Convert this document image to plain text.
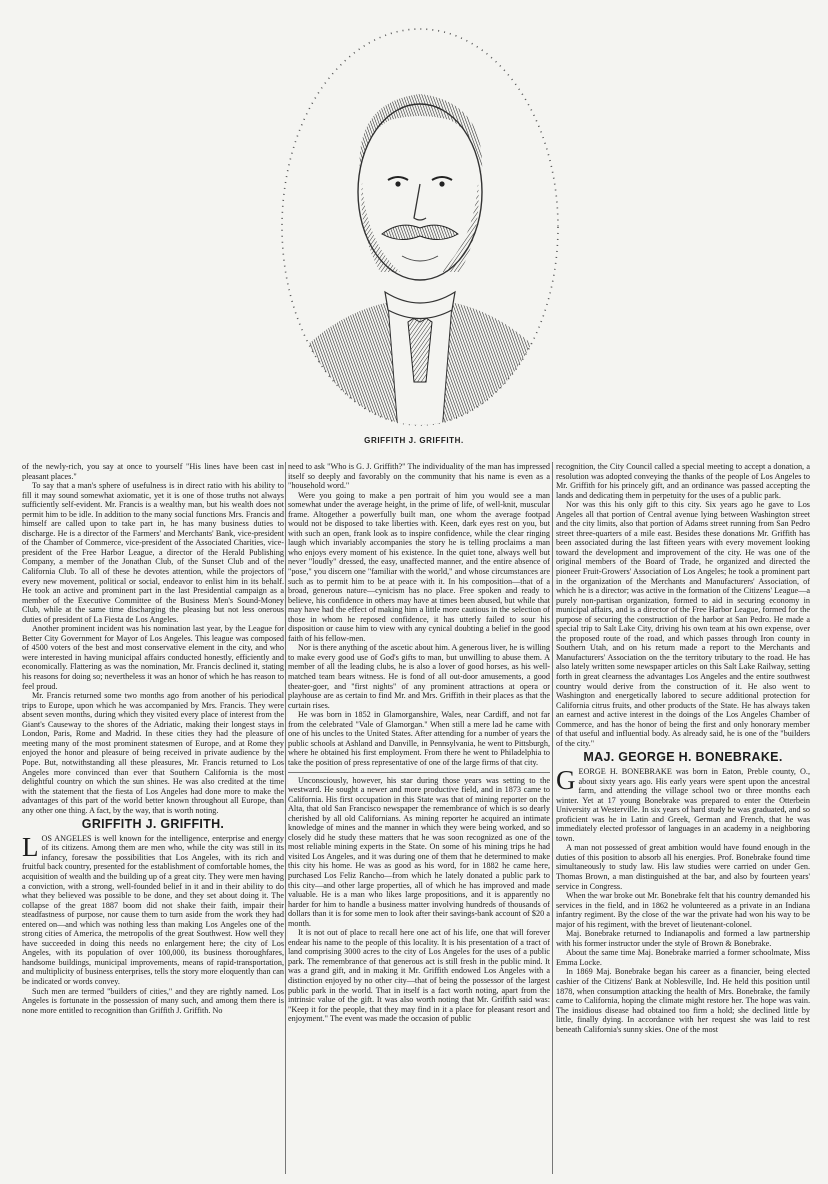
GRIFFITH J. GRIFFITH.

of the newly-rich, you say at once to yourself "His lines have been cast in pleasant places."

To say that a man's sphere of usefulness is in direct ratio with his ability to fill it may sound somewhat axiomatic, yet it is one of those truths not always sufficiently self-evident. Mr. Francis is a wealthy man, but his wealth does not permit him to be idle. In addition to the many social functions Mrs. Francis and himself are called upon to take part in, he has many business duties to discharge. He is a director of the Farmers' and Merchants' Bank, vice-president of the Chamber of Commerce, vice-president of the Associated Charities, vice-president of the Free Harbor League, a director of the Herald Publishing Company, a member of the Jonathan Club, of the Sunset Club and of the California Club. To all of these he devotes attention, while the projectors of every new movement, political or social, endeavor to enlist him in its behalf. He took an active and prominent part in the last Presidential campaign as a member of the Executive Committee of the Business Men's Sound-Money Club, while at the same time discharging the pleasing but not less onerous duties of president of La Fiesta de Los Angeles.

Another prominent incident was his nomination last year, by the League for Better City Government for Mayor of Los Angeles. This league was composed of 4500 voters of the best and most conservative element in the city, and who were interested in having municipal affairs conducted honestly, efficiently and economically. Flattering as was the nomination, Mr. Francis declined it, stating his reasons for doing so; nevertheless it was an honor of which he has reason to feel proud.

Mr. Francis returned some two months ago from another of his periodical trips to Europe, upon which he was accompanied by Mrs. Francis. They were absent seven months, during which they visited every place of interest from the Giant's Causeway to the shores of the Adriatic, making their longest stays in London, Paris, Rome and Madrid. In these cities they had the pleasure of meeting many of the most prominent statesmen of Europe, and at Rome they enjoyed the honor and pleasure of being received in private audience by the Pope. But, notwithstanding all these pleasures, Mr. Francis returned to Los Angeles more convinced than ever that Southern California is the most delightful country on which the sun shines. He was also credited at the time with the statement that the fiesta of Los Angeles had done more to make the advantages of this part of the world better known throughout all Europe, than any other one thing. A fact, by the way, that is worth noting.

GRIFFITH J. GRIFFITH.

LOS ANGELES is well known for the intelligence, enterprise and energy of its citizens. Among them are men who, while the city was still in its infancy, foresaw the possibilities that Los Angeles, with its rich and fruitful back country, presented for the establishment of comfortable homes, the acquisition of wealth and the building up of a great city. They were men having a conviction, with a strong, well-founded belief in it and in their ability to do what they believed was possible to be done, and they set about doing it. The collapse of the great 1887 boom did not shake their faith, impair their steadfastness of purpose, nor cause them to turn aside from the work they had entered on—and which was nothing less than making Los Angeles one of the strong cities of America, the metropolis of the great Southwest. How well they have succeeded in doing this needs no enlargement here; the city of Los Angeles, with its population of over 100,000, its business thoroughfares, handsome buildings, municipal improvements, means of rapid-transportation, and multiplicity of business enterprises, tells the story more eloquently than can be indicated or words convey.

Such men are termed "builders of cities," and they are rightly named. Los Angeles is fortunate in the possession of many such, and among them there is none more entitled to recognition than Griffith J. Griffith. No

need to ask "Who is G. J. Griffith?" The individuality of the man has impressed itself so deeply and favorably on the community that his name is even as a "household word."

Were you going to make a pen portrait of him you would see a man somewhat under the average height, in the prime of life, of well-knit, muscular frame. Altogether a powerfully built man, one whom the average footpad would not be disposed to take liberties with. Keen, dark eyes rest on you, but with such an open, frank look as to inspire confidence, while the clear ringing laugh which invariably accompanies the story he is telling proclaims a man who enjoys every moment of his existence. In the quiet tone, always well but never "loudly" dressed, the easy, unaffected manner, and the entire absence of "pose," you discern one "familiar with the world," and whose circumstances are such as to permit him to be at peace with it. In his composition—that of a broad, generous nature—cynicism has no place. Free spoken and ready to believe, his confidence in others may have at times been abused, but while that may have had the effect of making him a little more cautious in the selection of those in whom he reposed confidence, it has utterly failed to sour his disposition or cause him to view with any cynical doubting a belief in the good faith of his fellow-men.

Nor is there anything of the ascetic about him. A generous liver, he is willing to make every good use of God's gifts to man, but unwilling to abuse them. A member of all the leading clubs, he is also a lover of good horses, as his well-matched team bears witness. He is fond of all out-door amusements, a good theater-goer, and "first nights" of any prominent attractions at opera or playhouse are as certain to find Mr. and Mrs. Griffith in their places as that the curtain rises.

He was born in 1852 in Glamorganshire, Wales, near Cardiff, and not far from the celebrated "Vale of Glamorgan." When still a mere lad he came with one of his uncles to the United States. After attending for a number of years the public schools at Ashland and Danville, in Pennsylvania, he went to Pittsburgh, where he obtained his first employment. From there he went to Philadelphia to take the position of press representative of one of the large firms of that city.

Unconsciously, however, his star during those years was setting to the westward. He sought a newer and more productive field, and in 1873 came to California. His first occupation in this State was that of mining reporter on the Alta, that old San Francisco newspaper the remembrance of which is so dearly cherished by all old Californians. As mining reporter he acquired an intimate knowledge of mines and the manner in which they were being worked, and so closely did he study these matters that he was soon recognized as one of the most reliable mining experts in the State. On some of his mining trips he had visited Los Angeles, and it was during one of them that he determined to make this city his home. He was as good as his word, for in 1882 he came here, purchased Los Feliz Rancho—from which he lately donated a public park to this city—and other large properties, all of which he has improved and made valuable. He is a man who likes large propositions, and it is apparently no harder for him to handle a business matter involving hundreds of thousands of dollars than it is for some men to look after their savings-bank account of $20 a month.

It is not out of place to recall here one act of his life, one that will forever endear his name to the people of this locality. It is his presentation of a tract of land comprising 3000 acres to the city of Los Angeles for the uses of a public park. The remembrance of that generous act is still fresh in the public mind. It was a grand gift, and in making it Mr. Griffith endowed Los Angeles with a distinction enjoyed by no other city—that of being the possessor of the largest public park in the world. That in itself is a fact worth noting, apart from the intrinsic value of the gift. It was also worth noting that Mr. Griffith said was: "Keep it for the people, that they may find in it a place for pleasant resort and enjoyment." The event was made the occasion of public

recognition, the City Council called a special meeting to accept a donation, a resolution was adopted conveying the thanks of the people of Los Angeles to Mr. Griffith for his princely gift, and an ordinance was passed accepting the lands and dedicating them in perpetuity for the uses of a public park.

Nor was this his only gift to this city. Six years ago he gave to Los Angeles all that portion of Central avenue lying between Washington street and the city limits, also that portion of Adams street running from San Pedro street three-quarters of a mile east. Besides these donations Mr. Griffith has been associated during the last fifteen years with every movement looking toward the development and improvement of the city. He was one of the original members of the Board of Trade, he organized and directed the pioneer Fruit-Growers' Association of Los Angeles; he took a prominent part in the organization of the Merchants and Manufacturers' Association, of which he is a director; was active in the formation of the Citizens' League—a purely non-partisan organization, formed to aid in securing economy in municipal affairs, and is a director of the Free Harbor League, formed for the purpose of securing the construction of the harbor at San Pedro. He made a special trip to Salt Lake City, driving his own team at his own expense, over the proposed route of the road, and which passes through Iron county in Southern Utah, and on his return made a report to the Merchants and Manufacturers' Association on the the territory tributary to the road. He has also lately written some newspaper articles on this Salt Lake Railway, setting forth in great clearness the advantages Los Angeles and the entire southwest country would derive from the construction of it. He also went to Washington and energetically labored to secure additional protection for California citrus fruits, and other products of the State. He has always taken an earnest and active interest in the doings of the Los Angeles Chamber of Commerce, and has the honor of being the first and only honorary member of that useful and influential body. As already said, he is one of the "builders of the city."

MAJ. GEORGE H. BONEBRAKE.

GEORGE H. BONEBRAKE was born in Eaton, Preble county, O., about sixty years ago. His early years were spent upon the ancestral farm, and attending the village school two or three months each winter. Yet at 17 young Bonebrake was prepared to enter the Otterbein University at Westerville. In six years of hard study he was graduated, and so proficient was he in Latin and Greek, German and French, that he was immediately elected professor of languages in an academy in a neighboring town.

A man not possessed of great ambition would have found enough in the duties of this position to absorb all his energies. Prof. Bonebrake found time simultaneously to study law. His law studies were carried on under Gen. Thomas Brown, a man distinguished at the bar, and also by fourteen years' service in Congress.

When the war broke out Mr. Bonebrake felt that his country demanded his services in the field, and in 1862 he volunteered as a private in an Indiana infantry regiment. By the close of the war the private had won his way to be major of his regiment, with the brevet of lieutenant-colonel.

Maj. Bonebrake returned to Indianapolis and formed a law partnership with his former instructor under the style of Brown & Bonebrake.

About the same time Maj. Bonebrake married a former schoolmate, Miss Emma Locke.

In 1869 Maj. Bonebrake began his career as a financier, being elected cashier of the Citizens' Bank at Noblesville, Ind. He held this position until 1878, when consumption attacking the health of Mrs. Bonebrake, the family came to California, hoping the climate might restore her. The hope was vain. The insidious disease had obtained too firm a hold; she declined little by little, finally dying. In accordance with her request she was laid to rest beneath California's sunny skies. One of the most
